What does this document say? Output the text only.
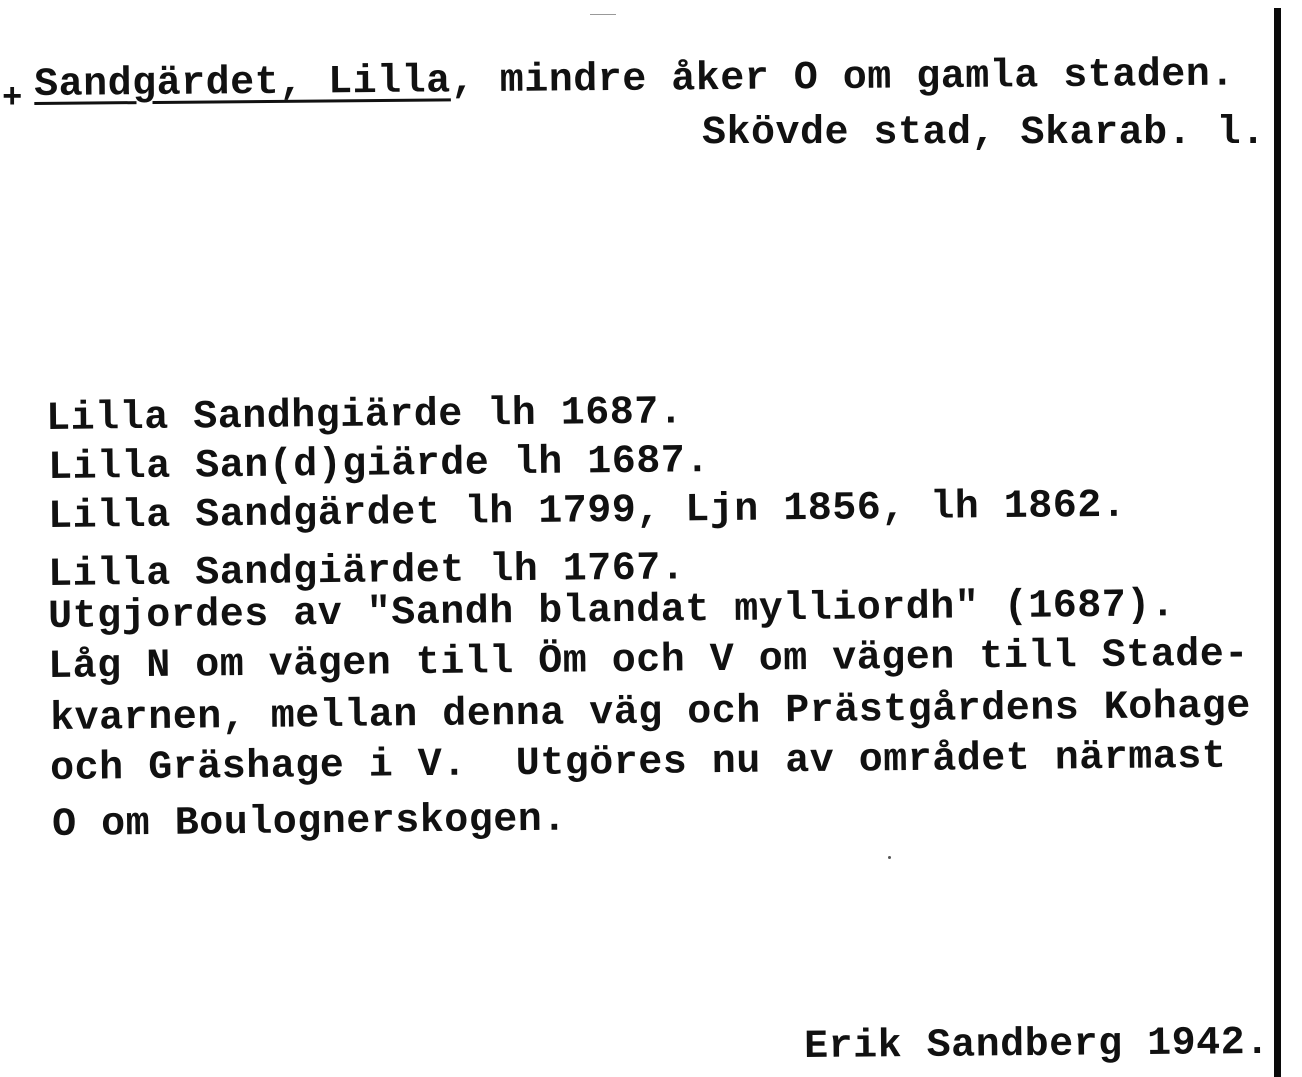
+ Sandgärdet, Lilla, mindre åker O om gamla staden.
Skövde stad, Skarab. l.
Lilla Sandhgiärde lh 1687.
Lilla San(d)giärde lh 1687.
Lilla Sandgärdet lh 1799, Ljn 1856, lh 1862.
Lilla Sandgiärdet lh 1767.
Utgjordes av "Sandh blandat mylliordh" (1687).
Låg N om vägen till Öm och V om vägen till Stade-
kvarnen, mellan denna väg och Prästgårdens Kohage
och Gräshage i V.  Utgöres nu av området närmast
O om Boulognerskogen.
Erik Sandberg 1942.
